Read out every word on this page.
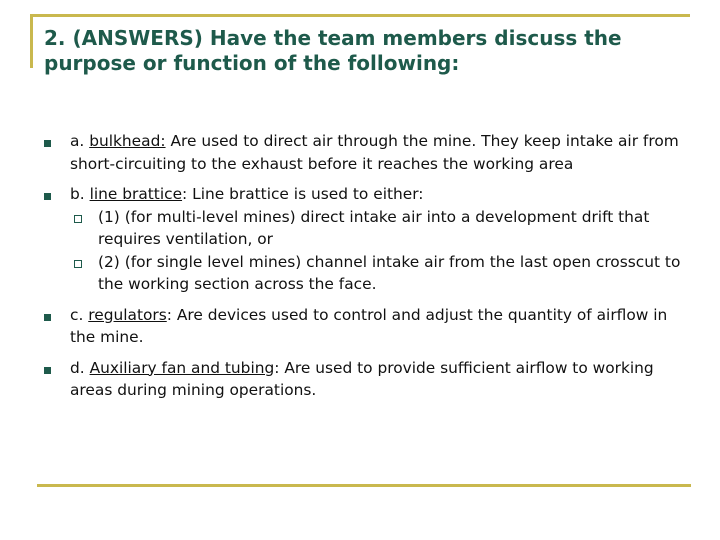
2. (ANSWERS) Have the team members discuss the purpose or function of the following:
a. bulkhead: Are used to direct air through the mine. They keep intake air from short-circuiting to the exhaust before it reaches the working area
b. line brattice: Line brattice is used to either:
(1) (for multi-level mines) direct intake air into a development drift that requires ventilation, or
(2) (for single level mines) channel intake air from the last open crosscut to the working section across the face.
c. regulators: Are devices used to control and adjust the quantity of airflow in the mine.
d. Auxiliary fan and tubing: Are used to provide sufficient airflow to working areas during mining operations.
